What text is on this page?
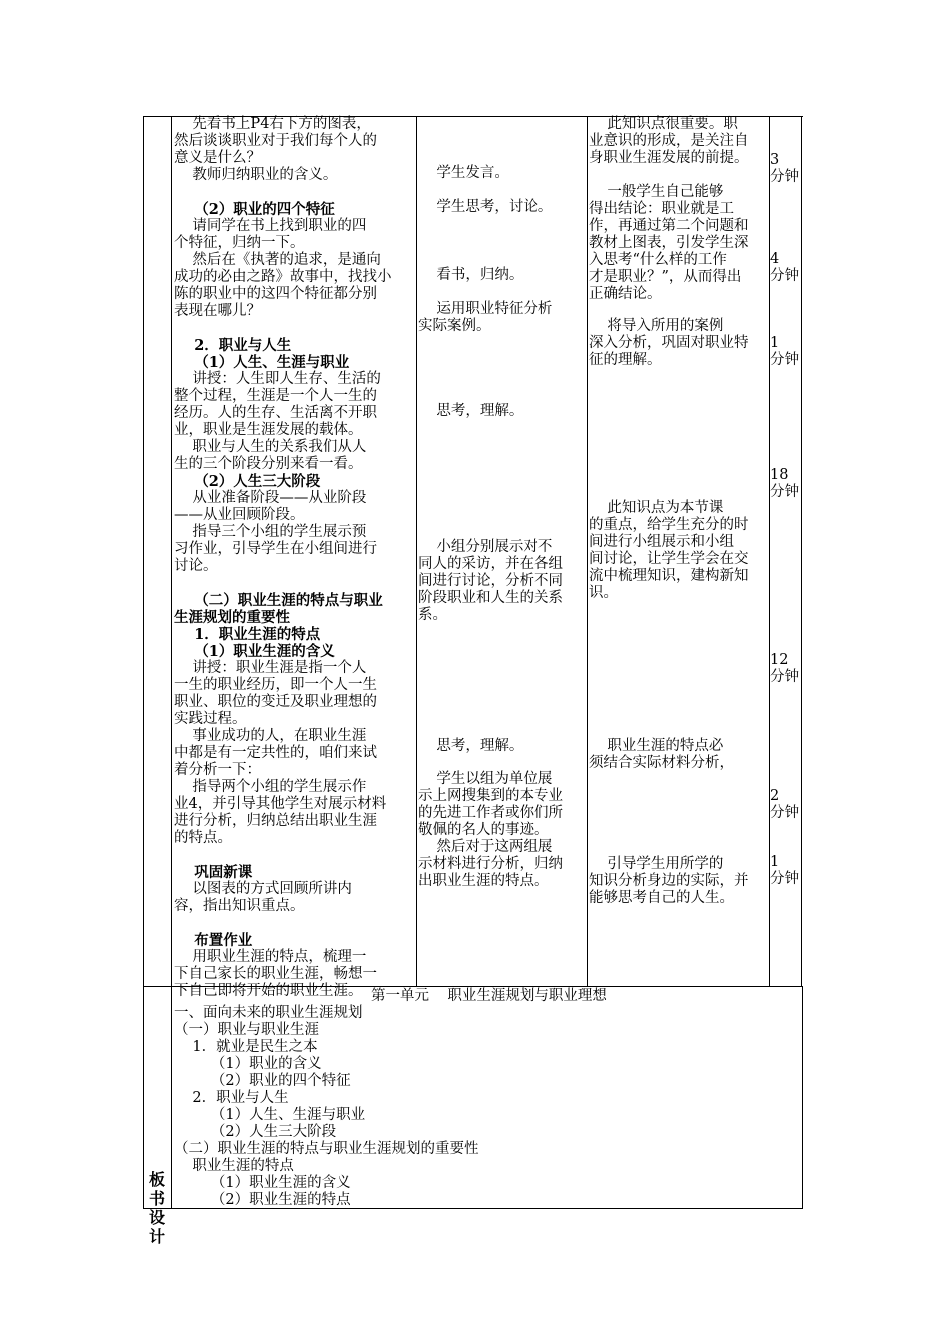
先看书上P4右下方的图表，

然后谈谈职业对于我们每个人的

意义是什么？

教师归纳职业的含义。

（2）职业的四个特征

请同学在书上找到职业的四

个特征，归纳一下。

然后在《执著的追求，是通向

成功的必由之路》故事中，找找小

陈的职业中的这四个特征都分别

表现在哪儿？

2．职业与人生

（1）人生、生涯与职业

讲授：人生即人生存、生活的

整个过程，生涯是一个人一生的

经历。人的生存、生活离不开职

业，职业是生涯发展的载体。

职业与人生的关系我们从人

生的三个阶段分别来看一看。

（2）人生三大阶段

从业准备阶段——从业阶段

——从业回顾阶段。

指导三个小组的学生展示预

习作业，引导学生在小组间进行

讨论。

（二）职业生涯的特点与职业

生涯规划的重要性

1．职业生涯的特点

（1）职业生涯的含义

讲授：职业生涯是指一个人

一生的职业经历，即一个人一生

职业、职位的变迁及职业理想的

实践过程。

事业成功的人，在职业生涯

中都是有一定共性的，咱们来试

着分析一下：

指导两个小组的学生展示作

业4，并引导其他学生对展示材料

进行分析，归纳总结出职业生涯

的特点。

巩固新课

以图表的方式回顾所讲内

容，指出知识重点。

布置作业

用职业生涯的特点，梳理一

下自己家长的职业生涯，畅想一

下自己即将开始的职业生涯。

学生发言。

学生思考，讨论。

看书，归纳。

运用职业特征分析

实际案例。

思考，理解。

小组分别展示对不

同人的采访，并在各组

间进行讨论，分析不同

阶段职业和人生的关系

系。

思考，理解。

学生以组为单位展

示上网搜集到的本专业

的先进工作者或你们所

敬佩的名人的事迹。

然后对于这两组展

示材料进行分析，归纳

出职业生涯的特点。

此知识点很重要。职

业意识的形成，是关注自

身职业生涯发展的前提。

一般学生自己能够

得出结论：职业就是工

作，再通过第二个问题和

教材上图表，引发学生深

入思考“什么样的工作

才是职业？”，从而得出

正确结论。

将导入所用的案例

深入分析，巩固对职业特

征的理解。

此知识点为本节课

的重点，给学生充分的时

间进行小组展示和小组

间讨论，让学生学会在交

流中梳理知识，建构新知

识。

职业生涯的特点必

须结合实际材料分析，

引导学生用所学的

知识分析身边的实际，并

能够思考自己的人生。

3

分钟

4

分钟

1

分钟

18

分钟

12

分钟

2

分钟

1

分钟

板
书
设
计
第一单元    职业生涯规划与职业理想

一、面向未来的职业生涯规划

（一）职业与职业生涯

1．就业是民生之本

（1）职业的含义

（2）职业的四个特征

2．职业与人生

（1）人生、生涯与职业

（2）人生三大阶段

（二）职业生涯的特点与职业生涯规划的重要性

职业生涯的特点

（1）职业生涯的含义

（2）职业生涯的特点
